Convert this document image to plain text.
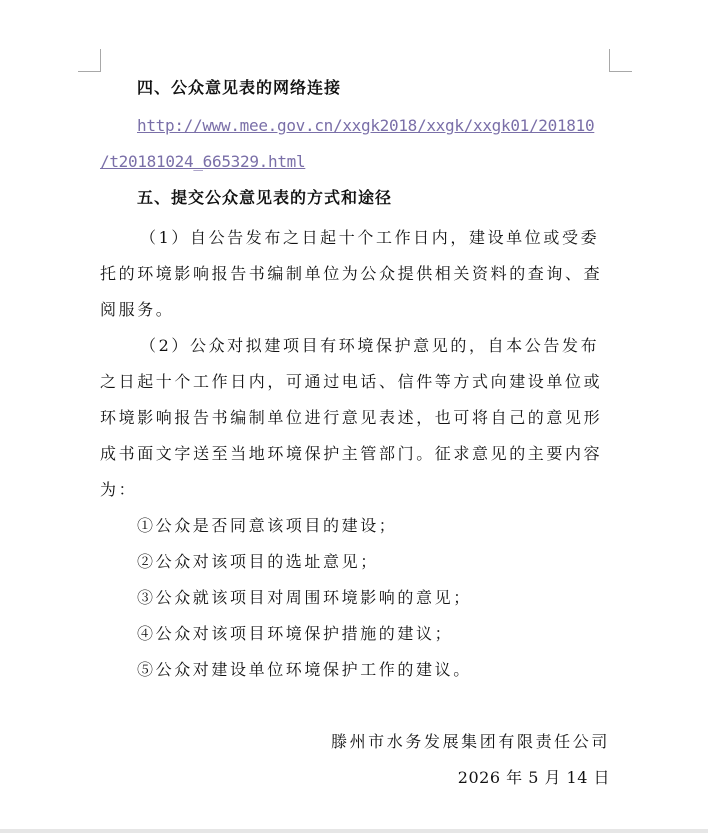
四、公众意见表的网络连接
http://www.mee.gov.cn/xxgk2018/xxgk/xxgk01/201810
/t20181024_665329.html
五、提交公众意见表的方式和途径
（1）自公告发布之日起十个工作日内，建设单位或受委
托的环境影响报告书编制单位为公众提供相关资料的查询、查
阅服务。
（2）公众对拟建项目有环境保护意见的，自本公告发布
之日起十个工作日内，可通过电话、信件等方式向建设单位或
环境影响报告书编制单位进行意见表述，也可将自己的意见形
成书面文字送至当地环境保护主管部门。征求意见的主要内容
为：
①公众是否同意该项目的建设；
②公众对该项目的选址意见；
③公众就该项目对周围环境影响的意见；
④公众对该项目环境保护措施的建议；
⑤公众对建设单位环境保护工作的建议。
滕州市水务发展集团有限责任公司
2026 年 5 月 14 日
